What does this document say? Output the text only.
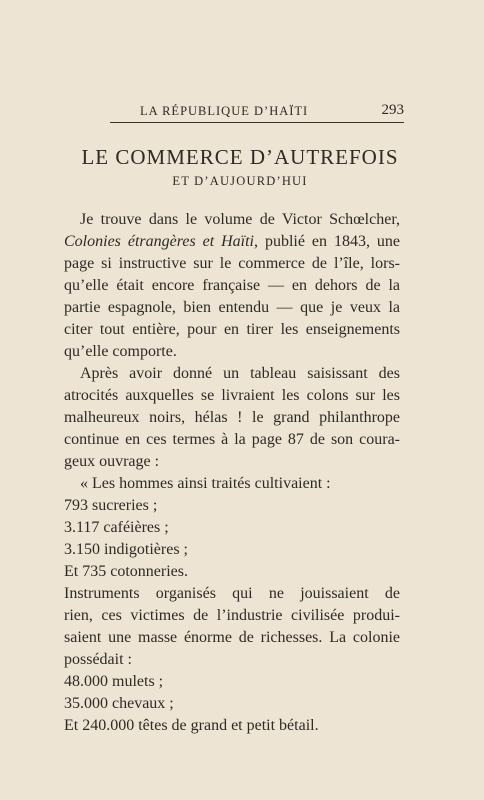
LA RÉPUBLIQUE D’HAÏTI	293
LE COMMERCE D’AUTREFOIS
ET D’AUJOURD’HUI
Je trouve dans le volume de Victor Schœlcher,
Colonies étrangères et Haïti, publié en 1843, une
page si instructive sur le commerce de l’île, lors-
qu’elle était encore française — en dehors de la
partie espagnole, bien entendu — que je veux la
citer tout entière, pour en tirer les enseignements
qu’elle comporte.
Après avoir donné un tableau saisissant des
atrocités auxquelles se livraient les colons sur les
malheureux noirs, hélas ! le grand philanthrope
continue en ces termes à la page 87 de son coura-
geux ouvrage :
« Les hommes ainsi traités cultivaient :
793 sucreries ;
3.117 caféières ;
3.150 indigotières ;
Et 735 cotonneries.
Instruments organisés qui ne jouissaient de
rien, ces victimes de l’industrie civilisée produi-
saient une masse énorme de richesses. La colonie
possédait :
48.000 mulets ;
35.000 chevaux ;
Et 240.000 têtes de grand et petit bétail.
